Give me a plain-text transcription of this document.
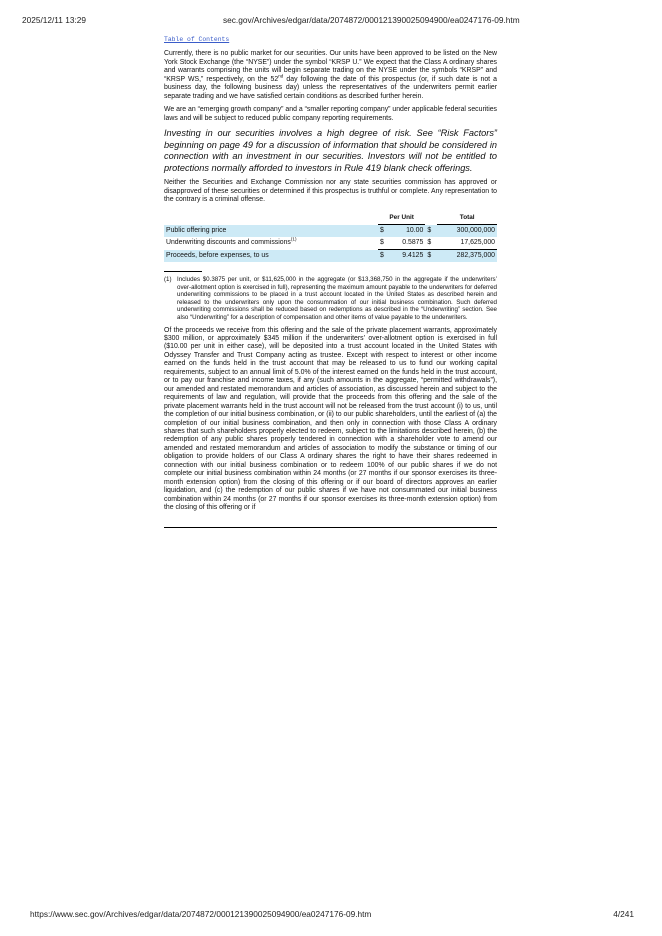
2025/12/11 13:29	sec.gov/Archives/edgar/data/2074872/000121390025094900/ea0247176-09.htm
Table of Contents

Currently, there is no public market for our securities. Our units have been approved to be listed on the New York Stock Exchange (the “NYSE”) under the symbol “KRSP U.” We expect that the Class A ordinary shares and warrants comprising the units will begin separate trading on the NYSE under the symbols “KRSP” and “KRSP WS,” respectively, on the 52nd day following the date of this prospectus (or, if such date is not a business day, the following business day) unless the representatives of the underwriters permit earlier separate trading and we have satisfied certain conditions as described further herein.

We are an “emerging growth company” and a “smaller reporting company” under applicable federal securities laws and will be subject to reduced public company reporting requirements.

Investing in our securities involves a high degree of risk. See “Risk Factors” beginning on page 49 for a discussion of information that should be considered in connection with an investment in our securities. Investors will not be entitled to protections normally afforded to investors in Rule 419 blank check offerings.

Neither the Securities and Exchange Commission nor any state securities commission has approved or disapproved of these securities or determined if this prospectus is truthful or complete. Any representation to the contrary is a criminal offense.

	Per Unit			Total
Public offering price	$	10.00	$	300,000,000
Underwriting discounts and commissions$^{(1)}$	$	0.5875	$	17,625,000
Proceeds, before expenses, to us	$	9.4125	$	282,375,000
(1) Includes $0.3875 per unit, or $11,625,000 in the aggregate (or $13,368,750 in the aggregate if the underwriters’ over-allotment option is exercised in full), representing the maximum amount payable to the underwriters for deferred underwriting commissions to be placed in a trust account located in the United States as described herein and released to the underwriters only upon the consummation of our initial business combination. Such deferred underwriting commissions shall be reduced based on redemptions as described in the “Underwriting” section. See also “Underwriting” for a description of compensation and other items of value payable to the underwriters.

Of the proceeds we receive from this offering and the sale of the private placement warrants, approximately $300 million, or approximately $345 million if the underwriters’ over-allotment option is exercised in full ($10.00 per unit in either case), will be deposited into a trust account located in the United States with Odyssey Transfer and Trust Company acting as trustee. Except with respect to interest or other income earned on the funds held in the trust account that may be released to us to fund our working capital requirements, subject to an annual limit of 5.0% of the interest earned on the funds held in the trust account, or to pay our franchise and income taxes, if any (such amounts in the aggregate, “permitted withdrawals”), our amended and restated memorandum and articles of association, as discussed herein and subject to the requirements of law and regulation, will provide that the proceeds from this offering and the sale of the private placement warrants held in the trust account will not be released from the trust account (i) to us, until the completion of our initial business combination, or (ii) to our public shareholders, until the earliest of (a) the completion of our initial business combination, and then only in connection with those Class A ordinary shares that such shareholders properly elected to redeem, subject to the limitations described herein, (b) the redemption of any public shares properly tendered in connection with a shareholder vote to amend our amended and restated memorandum and articles of association to modify the substance or timing of our obligation to provide holders of our Class A ordinary shares the right to have their shares redeemed in connection with our initial business combination or to redeem 100% of our public shares if we do not complete our initial business combination within 24 months (or 27 months if our sponsor exercises its three-month extension option) from the closing of this offering or if our board of directors approves an earlier liquidation, and (c) the redemption of our public shares if we have not consummated our initial business combination within 24 months (or 27 months if our sponsor exercises its three-month extension option) from the closing of this offering or if

https://www.sec.gov/Archives/edgar/data/2074872/000121390025094900/ea0247176-09.htm	4/241
